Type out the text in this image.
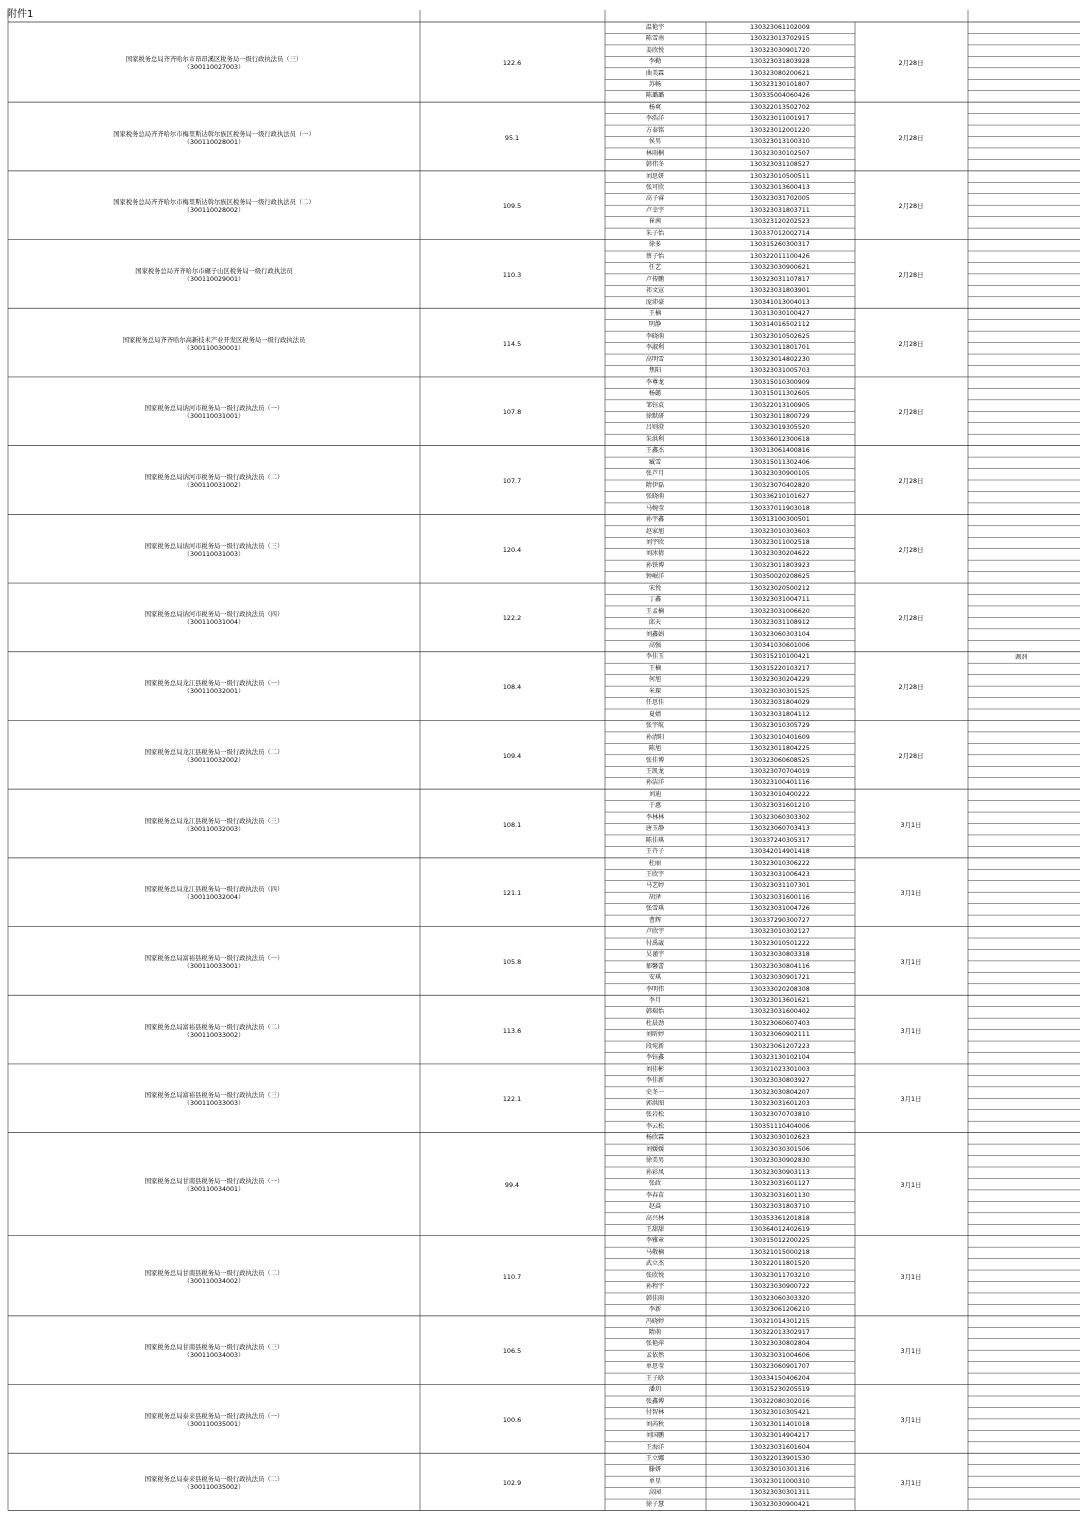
附件1
国家税务总局齐齐哈尔市昂昂溪区税务局一级行政执法员（三）
（300110027003）
122.6	2月28日
温艳宇	130323061102009
陈雪南	130323013702915
姜欣悦	130323030901720
李勤	130323031803928
曲美霖	130323080200621
苏畅	130323130101807
陈璐璐	130335004060426
国家税务总局齐齐哈尔市梅里斯达斡尔族区税务局一级行政执法员（一）
（300110028001）
95.1	2月28日
杨爽	130322013502702
李浩洋	130323011001917
方泰铭	130323012001220
侯男	130323013100310
林雨桐	130323030102507
韩伟冬	130323031108527
国家税务总局齐齐哈尔市梅里斯达斡尔族区税务局一级行政执法员（二）
（300110028002）
109.5	2月28日
刘思妍	130323010500511
张可欣	130323013600413
高子睿	130323031702005
卢幸宇	130323031803711
崔茜	130323120202523
朱子怡	130337012002714
国家税务总局齐齐哈尔市碾子山区税务局一级行政执法员
（300110029001）
110.3	2月28日
徐多	130315260300317
蔡子怡	130322011100426
任艺	130323030900621
卢传鹏	130323031107817
祁文宣	130323031803901
庞沛豪	130341013004013
国家税务总局齐齐哈尔高新技术产业开发区税务局一级行政执法员
（300110030001）
114.5	2月28日
王楠	130313030100427
明静	130314016502112
李晓萌	130323010502625
李淑利	130323011801701
高明雪	130323014802230
焦阳	130323031005703
国家税务总局讷河市税务局一级行政执法员（一）
（300110031001）
107.8	2月28日
李尊龙	130315010300909
杨懿	130315011302605
邹钰袁	130322013100905
徐默研	130323011800729
吕则澄	130323019305520
朱洪利	130336012300618
国家税务总局讷河市税务局一级行政执法员（二）
（300110031002）
107.7	2月28日
王鑫杰	130313061400816
臧雪	130315011302406
张芦月	130323030900105
隋伊磊	130323070402820
张晓萌	130336210101627
马婉莹	130337011903018
国家税务总局讷河市税务局一级行政执法员（三）
（300110031003）
120.4	2月28日
孙宇鑫	130313100300501
赵家旭	130323010303603
刘宇欣	130323011002518
刘冰倩	130323030204622
孙铁博	130323011803923
钟岷洋	130350020208625
国家税务总局讷河市税务局一级行政执法员（四）
（300110031004）
122.2	2月28日
宋悦	130323020500212
丁鑫	130323031004711
王孟楠	130323031006620
邱天	130323031108912
刘鑫娟	130323060303104
高强	130341030601006
国家税务总局龙江县税务局一级行政执法员（一）
（300110032001）
108.4	2月28日
李佳玉	130315210100421	调剂
王楠	130315220103217
何旭	130323030204229
米琛	130323030301525
任思佳	130323031804029
夏婧	130323031804112
国家税务总局龙江县税务局一级行政执法员（二）
（300110032002）
109.4	2月28日
张宇航	130323010305729
孙清阳	130323010401609
陈旭	130323011804225
张佳博	130323060608525
王凯龙	130323070704019
孙洁洋	130323100401116
国家税务总局龙江县税务局一级行政执法员（三）
（300110032003）
108.1	3月1日
刘迪	130323010400222
于惠	130323031601210
李林林	130323060303302
唐玉静	130323060703413
陈佳琪	130337240305317
王卉子	130342014901418
国家税务总局龙江县税务局一级行政执法员（四）
（300110032004）
121.1	3月1日
杜丽	130323010306222
王欣宇	130323031006423
马艺婷	130323031107301
胡泽	130323031600116
张雪琪	130323031004726
曹辉	130337290300727
国家税务总局富裕县税务局一级行政执法员（一）
（300110033001）
105.8	3月1日
卢欣宇	130323010302127
付禹崴	130323010501222
吴谨宇	130323030803318
郁馨蕾	130323030804116
安琪	130323030901721
李明伟	130333020208308
国家税务总局富裕县税务局一级行政执法员（二）
（300110033002）
113.6	3月1日
李月	130323013601621
韩瑞怡	130323031600402
杜晨劲	130323060607403
刘昕婷	130323060902111
段宛新	130323061207223
李钰鑫	130323130102104
国家税务总局富裕县税务局一级行政执法员（三）
（300110033003）
122.1	3月1日
刘佳彬	130321023301003
李佳新	130323030803927
史冬一	130323030804207
郭洪图	130323031601203
张岩松	130323070703810
李云松	130351110404006
国家税务总局甘南县税务局一级行政执法员（一）
（300110034001）
99.4	3月1日
杨欣霖	130323030102623
刘媛媛	130323030301506
徐美男	130323030902830
孙彩凤	130323030903113
张政	130323031601127
李春苗	130323031601130
赵焱	130323031803710
高兴林	130353361201818
王甜甜	130364012402619
国家税务总局甘南县税务局一级行政执法员（二）
（300110034002）
110.7	3月1日
李雅章	130315012200225
马敬楠	130321015000218
武立杰	130322011801520
张欣悦	130323011703210
孙程宇	130323030900722
韩佳雨	130323060303320
李新	130323061206210
国家税务总局甘南县税务局一级行政执法员（三）
（300110034003）
106.5	3月1日
冯晓婷	130321014301215
隋萌	130322013302917
张艳萍	130323030802804
孟依然	130323031004606
单思莹	130323060901707
王子晗	130334150406204
国家税务总局泰来县税务局一级行政执法员（一）
（300110035001）
100.6	3月1日
潘玥	130315230205519
张鑫博	130322080302016
付智林	130323010305421
刘芮秋	130323011401018
刘国鹏	130323014904217
王海洋	130323031601604
国家税务总局泰来县税务局一级行政执法员（二）
（300110035002）
102.9	3月1日
王立娜	130322013901530
滕妍	130323010301316
单星	130323011000310
高园	130323030301311
徐子慧	130323030900421
